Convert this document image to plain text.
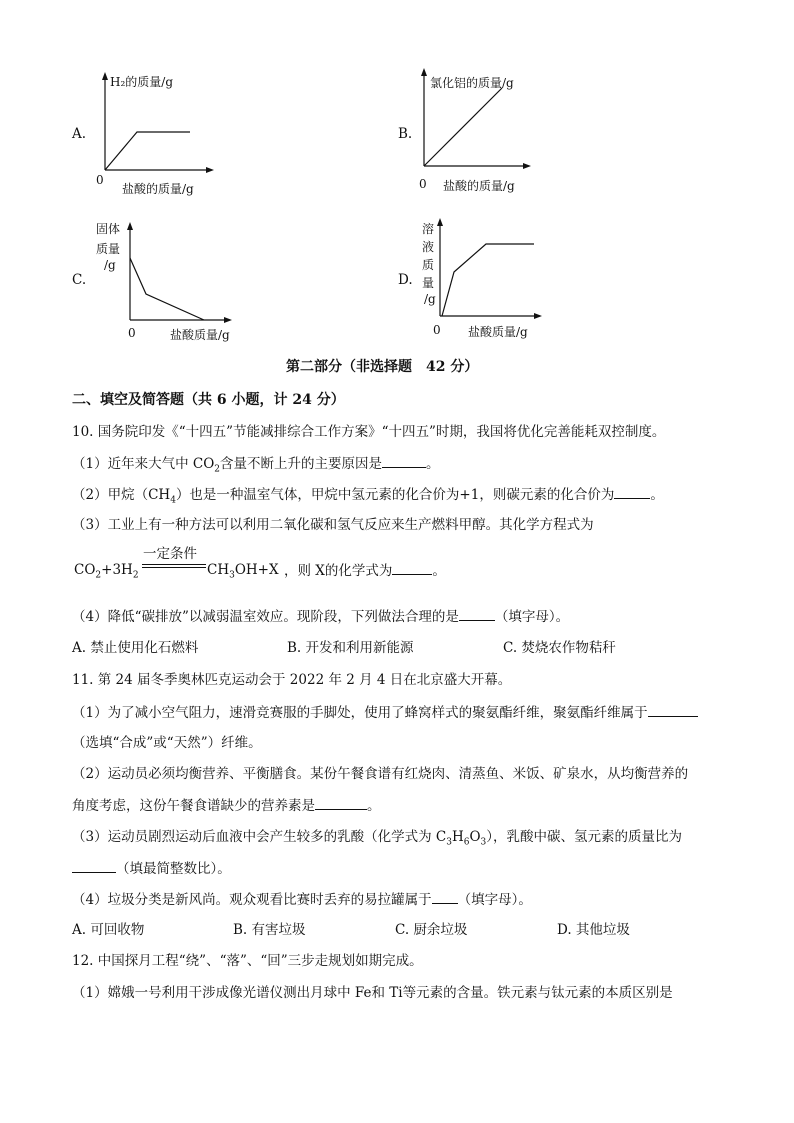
A.
H₂的质量/g
0
盐酸的质量/g
B.
氯化铝的质量/g
0 盐酸的质量/g
C.
固体
质量
/g
0	盐酸质量/g
D.
溶
液
质
量
/g
0 盐酸质量/g
第二部分（非选择题　42 分）
二、填空及简答题（共 6 小题，计 24 分）
10. 国务院印发《“十四五”节能减排综合工作方案》“十四五”时期，我国将优化完善能耗双控制度。
（1）近年来大气中 $CO_2$含量不断上升的主要原因是	。
（2）甲烷$(CH_4)$也是一种温室气体，甲烷中氢元素的化合价为+1，则碳元素的化合价为	。
（3）工业上有一种方法可以利用二氧化碳和氢气反应来生产燃料甲醇。其化学方程式为
一定条件
$CO_2+3H_2$	$CH_3OH+X$ ，则 X的化学式为	。
（4）降低“碳排放”以减弱温室效应。现阶段，下列做法合理的是	（填字母）。
A. 禁止使用化石燃料	B. 开发和利用新能源	C. 焚烧农作物秸秆
11. 第 24 届冬季奥林匹克运动会于 2022 年 2 月 4 日在北京盛大开幕。
（1）为了减小空气阻力，速滑竞赛服的手脚处，使用了蜂窝样式的聚氨酯纤维，聚氨酯纤维属于
（选填“合成”或“天然”）纤维。
（2）运动员必须均衡营养、平衡膳食。某份午餐食谱有红烧肉、清蒸鱼、米饭、矿泉水，从均衡营养的
角度考虑，这份午餐食谱缺少的营养素是	。
（3）运动员剧烈运动后血液中会产生较多的乳酸（化学式为 $C_3H_6O_3$），乳酸中碳、氢元素的质量比为
（填最简整数比）。
（4）垃圾分类是新风尚。观众观看比赛时丢弃的易拉罐属于 （填字母）。
A. 可回收物	B. 有害垃圾	C. 厨余垃圾	D. 其他垃圾
12. 中国探月工程“绕”、“落”、“回”三步走规划如期完成。
（1）嫦娥一号利用干涉成像光谱仪测出月球中 Fe和 Ti等元素的含量。铁元素与钛元素的本质区别是
